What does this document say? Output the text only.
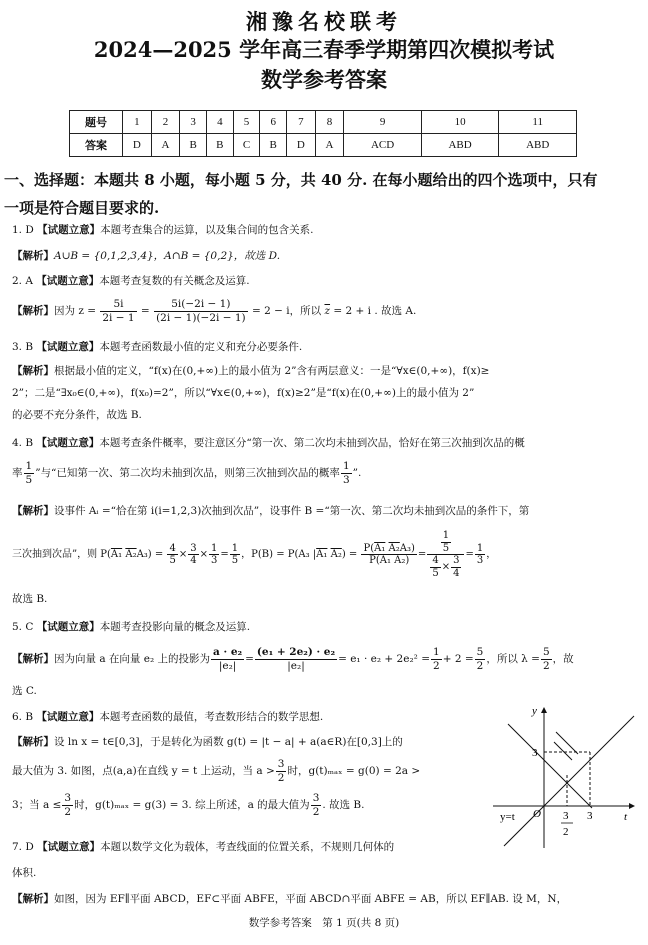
湘豫名校联考
2024—2025 学年高三春季学期第四次模拟考试
数学参考答案
题号	1	2	3	4	5	6	7	8	9	10	11
答案	D	A	B	B	C	B	D	A	ACD	ABD	ABD
一、选择题：本题共 8 小题，每小题 5 分，共 40 分. 在每小题给出的四个选项中，只有
一项是符合题目要求的.
1. D 【试题立意】本题考查集合的运算，以及集合间的包含关系.
【解析】A∪B = {0,1,2,3,4}，A∩B = {0,2}，故选 D.
2. A 【试题立意】本题考查复数的有关概念及运算.
【解析】因为 $z = \frac{5i}{2i - 1} = \frac{5i(-2i - 1)}{(2i - 1)(-2i - 1)} = 2 - i$，所以 $\overline{z} = 2 + i$ . 故选 A.
3. B 【试题立意】本题考查函数最小值的定义和充分必要条件.
【解析】根据最小值的定义，“f(x)在(0,+∞)上的最小值为 2”含有两层意义：一是“∀x∈(0,+∞)，f(x)≥
2”；二是“∃x₀∈(0,+∞)，f(x₀)=2”，所以“∀x∈(0,+∞)，f(x)≥2”是“f(x)在(0,+∞)上的最小值为 2”
的必要不充分条件，故选 B.
4. B 【试题立意】本题考查条件概率，要注意区分“第一次、第二次均未抽到次品，恰好在第三次抽到次品的概
率 $\frac{1}{5}$ ”与“已知第一次、第二次均未抽到次品，则第三次抽到次品的概率 $\frac{1}{3}$ ”.
【解析】设事件 Aᵢ =“恰在第 i(i=1,2,3)次抽到次品”，设事件 B =“第一次、第二次均未抽到次品的条件下，第
三次抽到次品”，则 P(A₁ $A_2A_3) = \frac{4}{5} \times \frac{3}{4} \times \frac{1}{3} = \frac{1}{5}$ ，P(B) = P(A₃ |A₁ $A_2) = \frac{\text{P(A₁ A₂A₃)}}{\text{P(A₁ A₂)}} = \frac{\frac{1}{5}}{\frac{4}{5} \times \frac{3}{4}} = \frac{1}{3}$ ，
故选 B.
5. C 【试题立意】本题考查投影向量的概念及运算.
【解析】因为向量 a 在向量 e₂ 上的投影为 $\frac{\text{a · e₂}}{\text{|e₂|}} = \frac{\text{(e₁ + 2e₂) · e₂}}{\text{|e₂|}} = e_1 \cdot e_2 + 2e_2^2 = \frac{1}{2} + 2 = \frac{5}{2}$ ，所以 $\lambda = \frac{5}{2}$ ，故
选 C.
6. B 【试题立意】本题考查函数的最值，考查数形结合的数学思想.
【解析】设 ln x = t∈[0,3]，于是转化为函数 g(t) = |t − a| + a(a∈R)在[0,3]上的
最大值为 3. 如图，点(a,a)在直线 y = t 上运动，当 $a > \frac{3}{2}$ 时，g(t)ₘₐₓ = g(0) = 2a >
3；当 $a \le \frac{3}{2}$ 时，g(t)ₘₐₓ = g(3) = 3. 综上所述，a 的最大值为 $\frac{3}{2}$ . 故选 B.
y
t
3
O
y=t	3
2
3
7. D 【试题立意】本题以数学文化为载体，考查线面的位置关系，不规则几何体的
体积.
【解析】如图，因为 EF∥平面 ABCD，EF⊂平面 ABFE，平面 ABCD∩平面 ABFE = AB，所以 EF∥AB. 设 M，N，
数学参考答案　第 1 页(共 8 页)
